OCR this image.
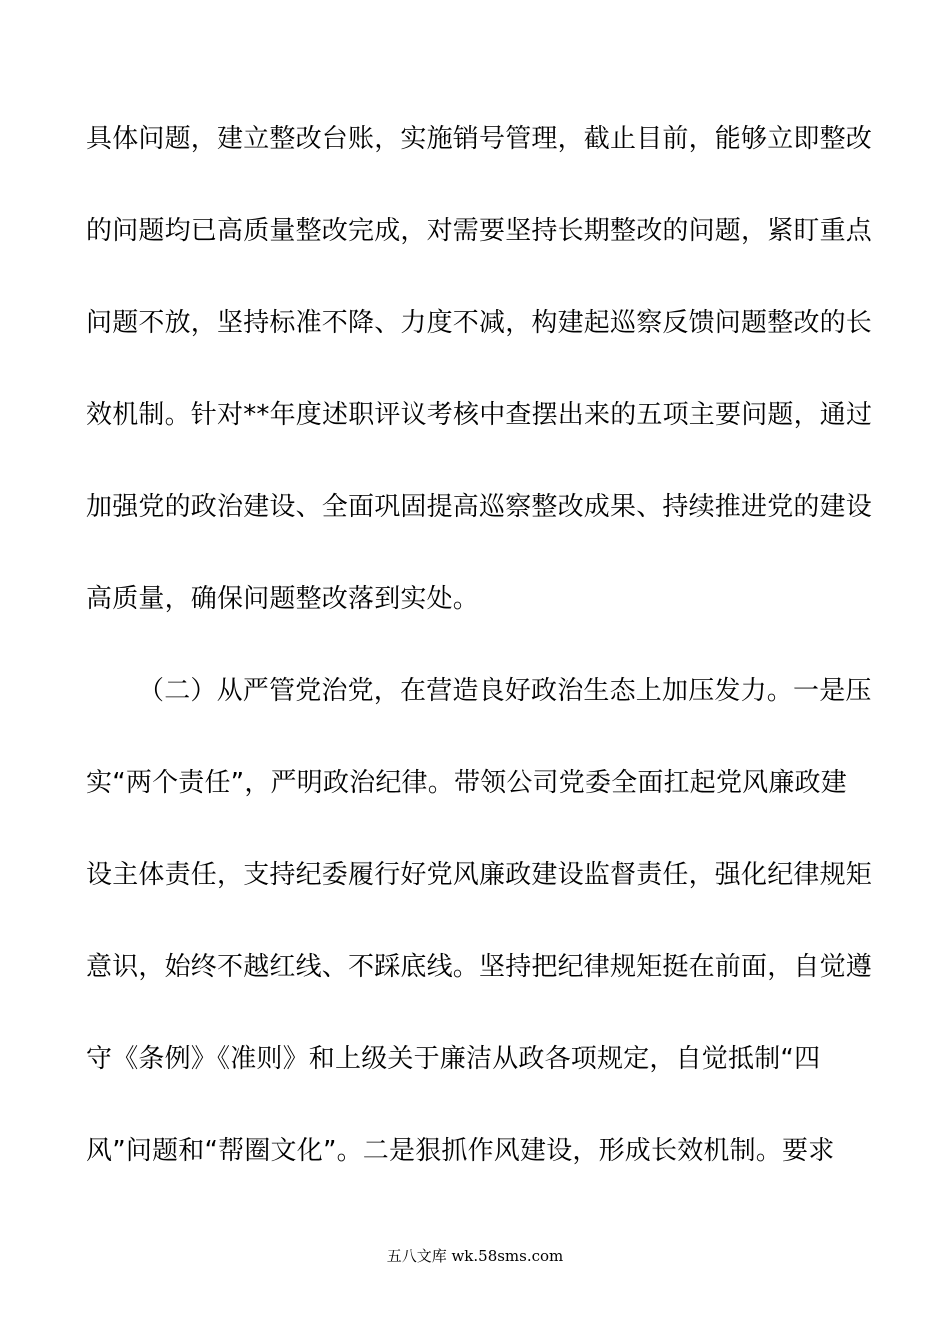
具体问题，建立整改台账，实施销号管理，截止目前，能够立即整改
的问题均已高质量整改完成，对需要坚持长期整改的问题，紧盯重点
问题不放，坚持标准不降、力度不减，构建起巡察反馈问题整改的长
效机制。针对**年度述职评议考核中查摆出来的五项主要问题，通过
加强党的政治建设、全面巩固提高巡察整改成果、持续推进党的建设
高质量，确保问题整改落到实处。
（二）从严管党治党，在营造良好政治生态上加压发力。一是压
实“两个责任”，严明政治纪律。带领公司党委全面扛起党风廉政建
设主体责任，支持纪委履行好党风廉政建设监督责任，强化纪律规矩
意识，始终不越红线、不踩底线。坚持把纪律规矩挺在前面，自觉遵
守《条例》《准则》和上级关于廉洁从政各项规定，自觉抵制“四
风”问题和“帮圈文化”。二是狠抓作风建设，形成长效机制。要求
五八文库 wk.58sms.com
